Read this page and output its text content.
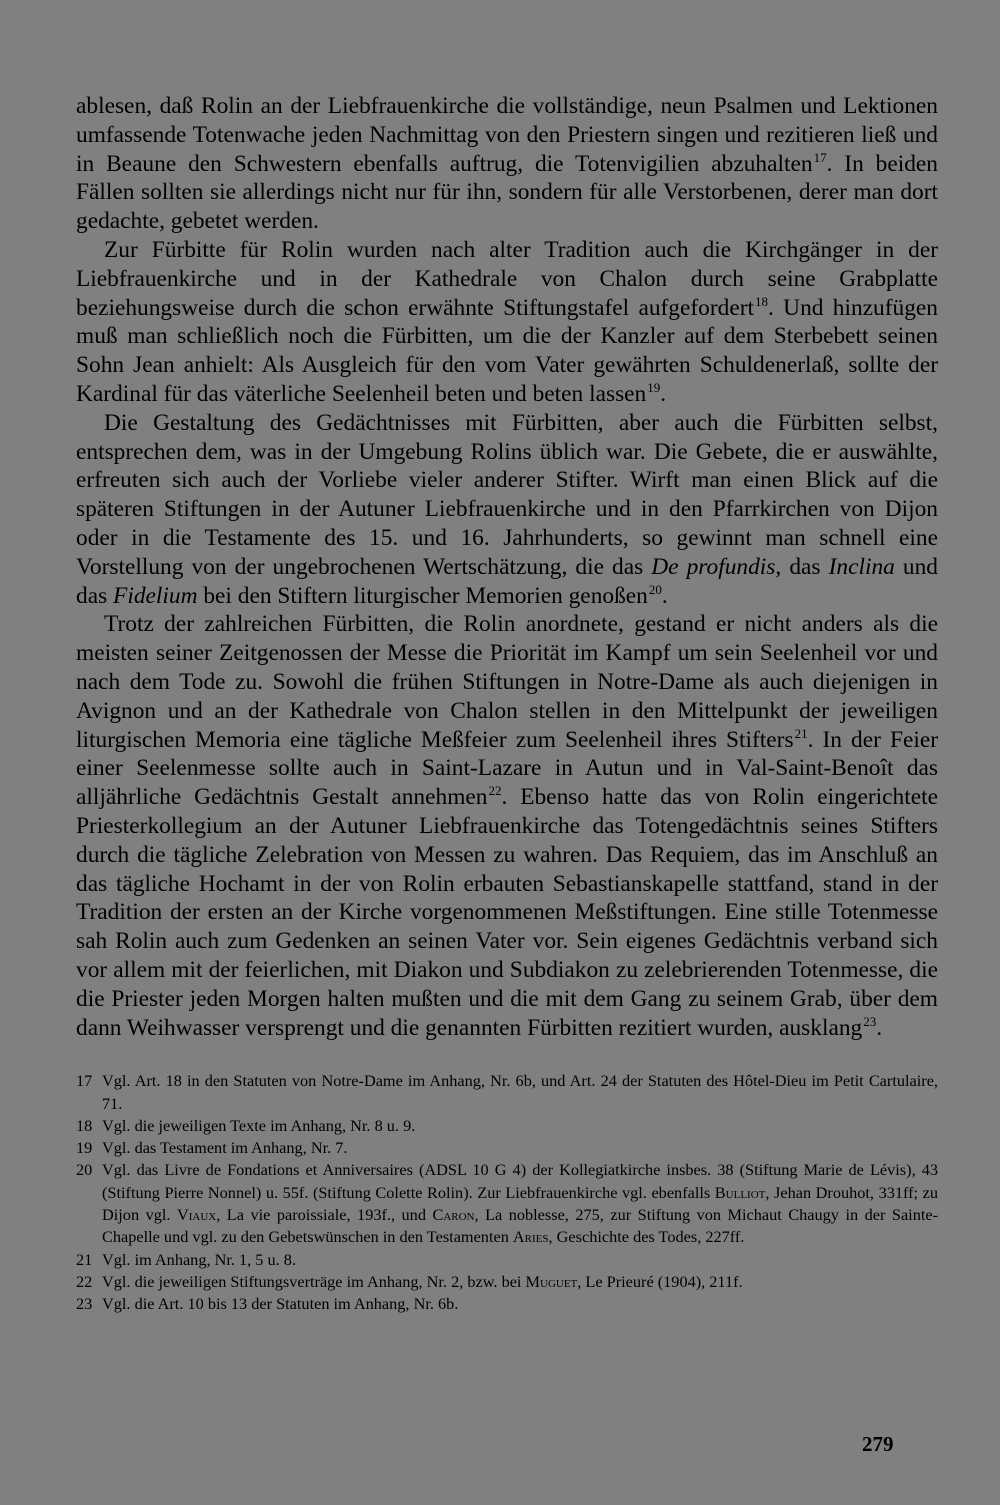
ablesen, daß Rolin an der Liebfrauenkirche die vollständige, neun Psalmen und Lektionen umfassende Totenwache jeden Nachmittag von den Priestern singen und rezitieren ließ und in Beaune den Schwestern ebenfalls auftrug, die Totenvigilien abzuhalten$^{17}$. In beiden Fällen sollten sie allerdings nicht nur für ihn, sondern für alle Verstorbenen, derer man dort gedachte, gebetet werden.

Zur Fürbitte für Rolin wurden nach alter Tradition auch die Kirchgänger in der Liebfrauenkirche und in der Kathedrale von Chalon durch seine Grabplatte beziehungsweise durch die schon erwähnte Stiftungstafel aufgefordert$^{18}$. Und hinzufügen muß man schließlich noch die Fürbitten, um die der Kanzler auf dem Sterbebett seinen Sohn Jean anhielt: Als Ausgleich für den vom Vater gewährten Schuldenerlaß, sollte der Kardinal für das väterliche Seelenheil beten und beten lassen$^{19}$.

Die Gestaltung des Gedächtnisses mit Fürbitten, aber auch die Fürbitten selbst, entsprechen dem, was in der Umgebung Rolins üblich war. Die Gebete, die er auswählte, erfreuten sich auch der Vorliebe vieler anderer Stifter. Wirft man einen Blick auf die späteren Stiftungen in der Autuner Liebfrauenkirche und in den Pfarrkirchen von Dijon oder in die Testamente des 15. und 16. Jahrhunderts, so gewinnt man schnell eine Vorstellung von der ungebrochenen Wertschätzung, die das De profundis, das Inclina und das Fidelium bei den Stiftern liturgischer Memorien genoßen$^{20}$.

Trotz der zahlreichen Fürbitten, die Rolin anordnete, gestand er nicht anders als die meisten seiner Zeitgenossen der Messe die Priorität im Kampf um sein Seelenheil vor und nach dem Tode zu. Sowohl die frühen Stiftungen in Notre-Dame als auch diejenigen in Avignon und an der Kathedrale von Chalon stellen in den Mittelpunkt der jeweiligen liturgischen Memoria eine tägliche Meßfeier zum Seelenheil ihres Stifters$^{21}$. In der Feier einer Seelenmesse sollte auch in Saint-Lazare in Autun und in Val-Saint-Benoît das alljährliche Gedächtnis Gestalt annehmen$^{22}$. Ebenso hatte das von Rolin eingerichtete Priesterkollegium an der Autuner Liebfrauenkirche das Totengedächtnis seines Stifters durch die tägliche Zelebration von Messen zu wahren. Das Requiem, das im Anschluß an das tägliche Hochamt in der von Rolin erbauten Sebastianskapelle stattfand, stand in der Tradition der ersten an der Kirche vorgenommenen Meßstiftungen. Eine stille Totenmesse sah Rolin auch zum Gedenken an seinen Vater vor. Sein eigenes Gedächtnis verband sich vor allem mit der feierlichen, mit Diakon und Subdiakon zu zelebrierenden Totenmesse, die die Priester jeden Morgen halten mußten und die mit dem Gang zu seinem Grab, über dem dann Weihwasser versprengt und die genannten Fürbitten rezitiert wurden, ausklang$^{23}$.

17 Vgl. Art. 18 in den Statuten von Notre-Dame im Anhang, Nr. 6b, und Art. 24 der Statuten des Hôtel-Dieu im Petit Cartulaire, 71.
18 Vgl. die jeweiligen Texte im Anhang, Nr. 8 u. 9.
19 Vgl. das Testament im Anhang, Nr. 7.
20 Vgl. das Livre de Fondations et Anniversaires (ADSL 10 G 4) der Kollegiatkirche insbes. 38 (Stiftung Marie de Lévis), 43 (Stiftung Pierre Nonnel) u. 55f. (Stiftung Colette Rolin). Zur Liebfrauenkirche vgl. ebenfalls Bulliot, Jehan Drouhot, 331ff; zu Dijon vgl. Viaux, La vie paroissiale, 193f., und Caron, La noblesse, 275, zur Stiftung von Michaut Chaugy in der Sainte-Chapelle und vgl. zu den Gebetswünschen in den Testamenten Aries, Geschichte des Todes, 227ff.
21 Vgl. im Anhang, Nr. 1, 5 u. 8.
22 Vgl. die jeweiligen Stiftungsverträge im Anhang, Nr. 2, bzw. bei Muguet, Le Prieuré (1904), 211f.
23 Vgl. die Art. 10 bis 13 der Statuten im Anhang, Nr. 6b.
279
